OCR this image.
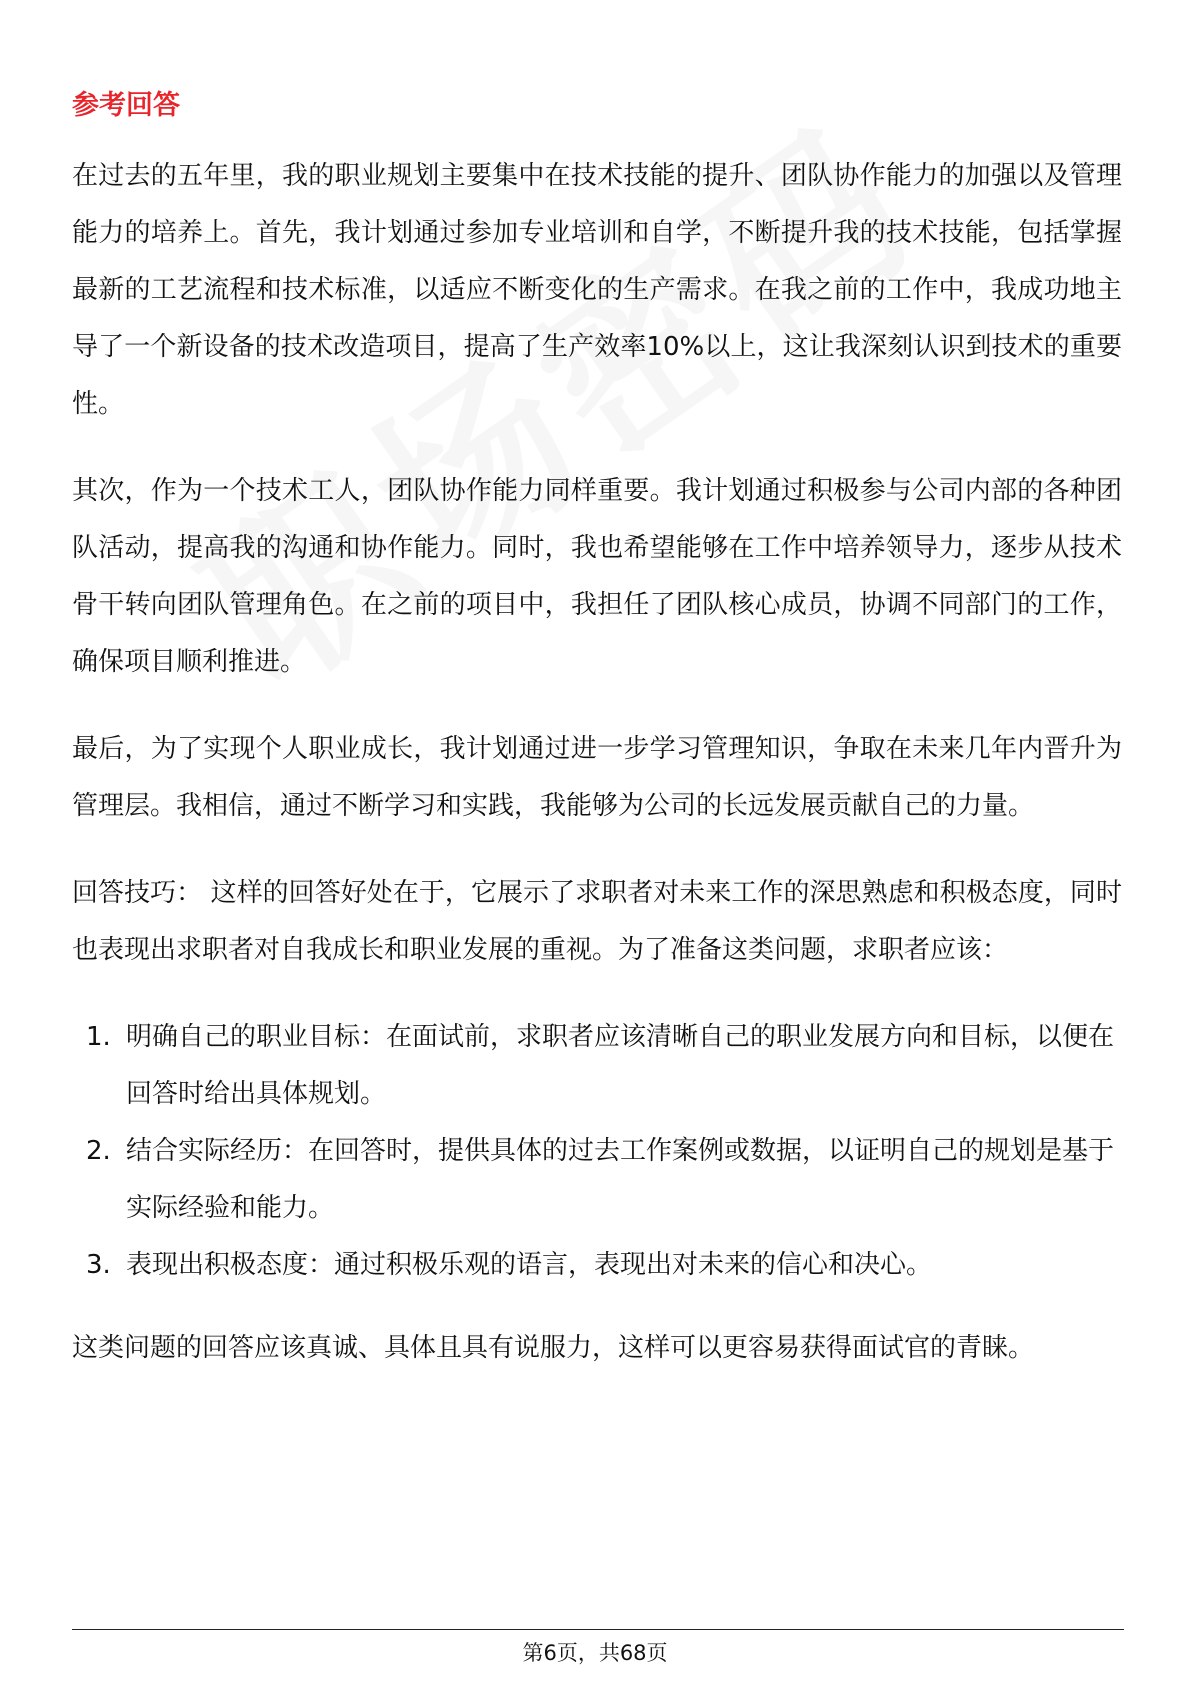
参考回答

在过去的五年里，我的职业规划主要集中在技术技能的提升、团队协作能力的加强以及管理能力的培养上。首先，我计划通过参加专业培训和自学，不断提升我的技术技能，包括掌握最新的工艺流程和技术标准，以适应不断变化的生产需求。在我之前的工作中，我成功地主导了一个新设备的技术改造项目，提高了生产效率10%以上，这让我深刻认识到技术的重要性。

其次，作为一个技术工人，团队协作能力同样重要。我计划通过积极参与公司内部的各种团队活动，提高我的沟通和协作能力。同时，我也希望能够在工作中培养领导力，逐步从技术骨干转向团队管理角色。在之前的项目中，我担任了团队核心成员，协调不同部门的工作，确保项目顺利推进。

最后，为了实现个人职业成长，我计划通过进一步学习管理知识，争取在未来几年内晋升为管理层。我相信，通过不断学习和实践，我能够为公司的长远发展贡献自己的力量。

回答技巧： 这样的回答好处在于，它展示了求职者对未来工作的深思熟虑和积极态度，同时也表现出求职者对自我成长和职业发展的重视。为了准备这类问题，求职者应该：

1. 明确自己的职业目标：在面试前，求职者应该清晰自己的职业发展方向和目标，以便在回答时给出具体规划。
2. 结合实际经历：在回答时，提供具体的过去工作案例或数据，以证明自己的规划是基于实际经验和能力。
3. 表现出积极态度：通过积极乐观的语言，表现出对未来的信心和决心。

这类问题的回答应该真诚、具体且具有说服力，这样可以更容易获得面试官的青睐。

第6页，共68页
